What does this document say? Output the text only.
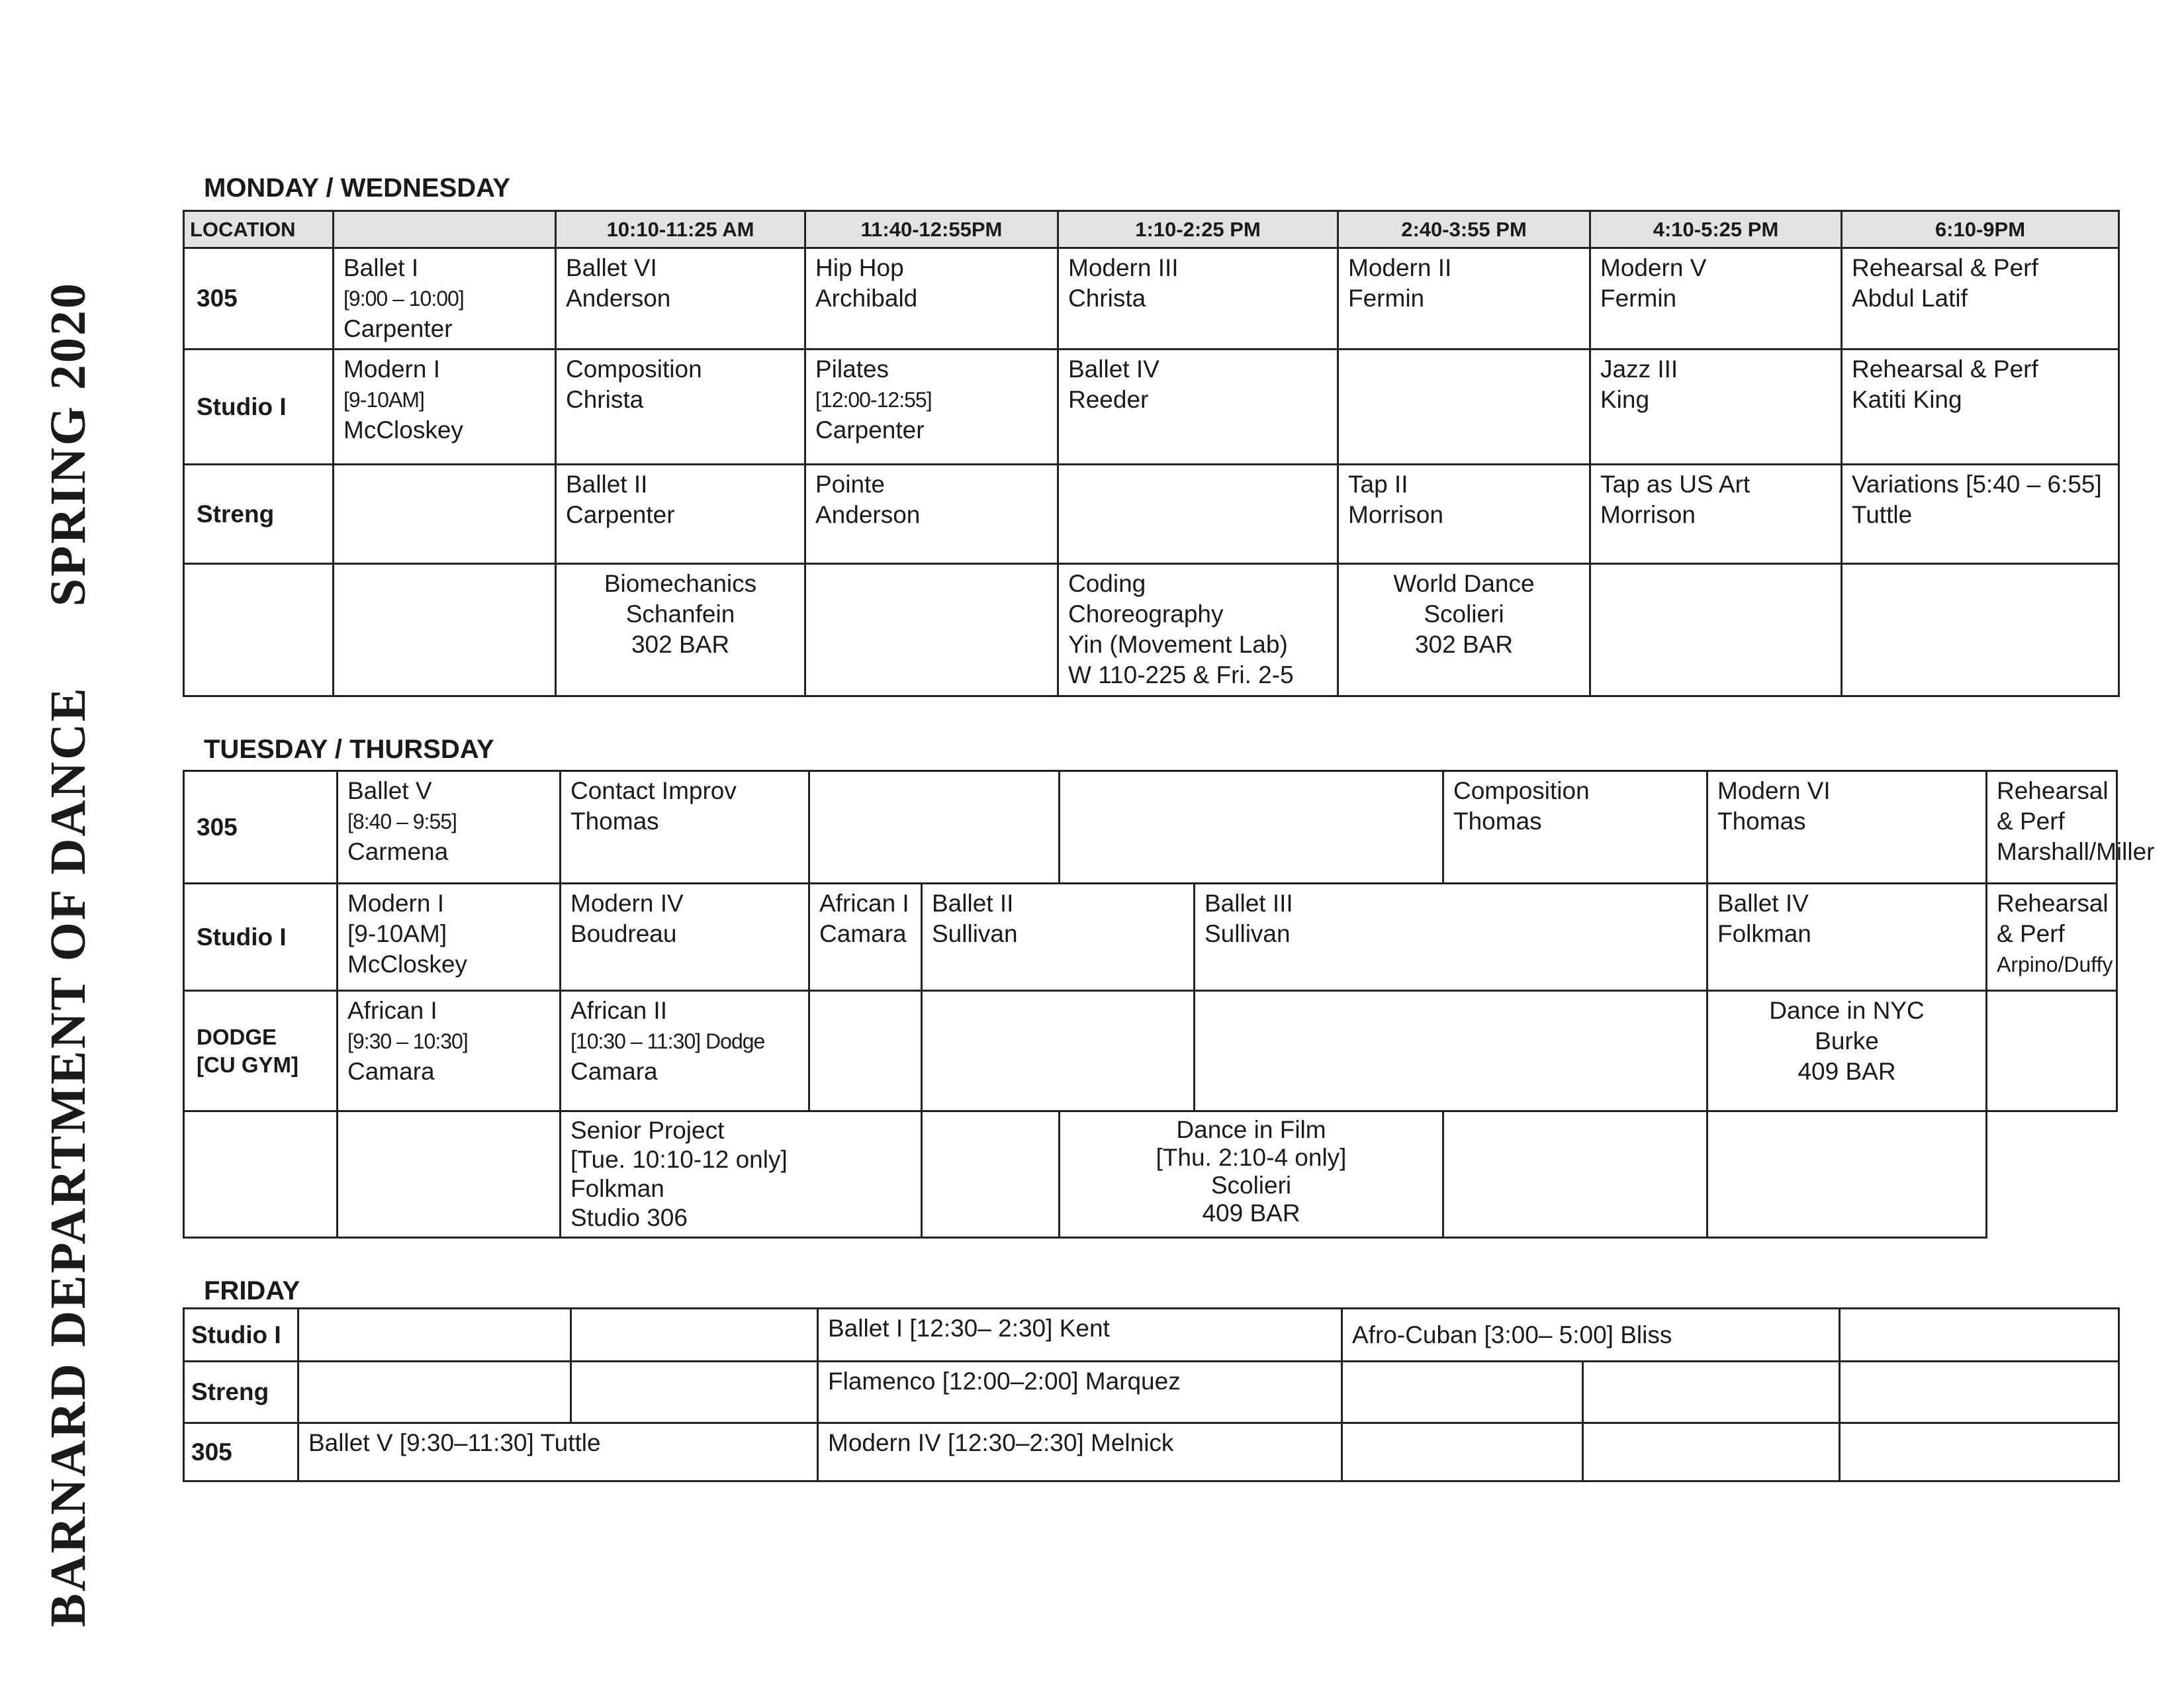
BARNARD DEPARTMENT OF DANCESPRING 2020
MONDAY / WEDNESDAY
LOCATION		10:10-11:25 AM	11:40-12:55PM	1:10-2:25 PM	2:40-3:55 PM	4:10-5:25 PM	6:10-9PM
305	Ballet I
[9:00 – 10:00]
Carpenter	Ballet VI
Anderson	Hip Hop
Archibald	Modern III
Christa	Modern II
Fermin	Modern V
Fermin	Rehearsal & Perf
Abdul Latif

Studio I	Modern I
[9-10AM]
McCloskey	Composition
Christa	Pilates
[12:00-12:55]
Carpenter	Ballet IV
Reeder		Jazz III
King	Rehearsal & Perf
Katiti King

Streng		Ballet II
Carpenter	Pointe
Anderson		Tap II
Morrison	Tap as US Art
Morrison	Variations [5:40 – 6:55]
Tuttle

		Biomechanics
Schanfein
302 BAR		Coding
Choreography
Yin (Movement Lab)
W 110-225 & Fri. 2-5	World Dance
Scolieri
302 BAR		

TUESDAY / THURSDAY
305	Ballet V
[8:40 – 9:55]
Carmena	Contact Improv
Thomas					Composition
Thomas	Modern VI
Thomas	Rehearsal & Perf
Marshall/Miller

Studio I	Modern I
[9-10AM]
McCloskey	Modern IV
Boudreau	African I
Camara	Ballet II
Sullivan		Ballet III
Sullivan		Ballet IV
Folkman	Rehearsal & Perf
Arpino/Duffy

DODGE
[CU GYM]	African I
[9:30 – 10:30]
Camara	African II
[10:30 – 11:30] Dodge
Camara						Dance in NYC
Burke
409 BAR	

		Senior Project
[Tue. 10:10-12 only]
Folkman
Studio 306			Dance in Film
[Thu. 2:10-4 only]
Scolieri
409 BAR				

FRIDAY
Studio I			Ballet I [12:30– 2:30] Kent	Afro-Cuban [3:00– 5:00] Bliss		
Streng			Flamenco [12:00–2:00] Marquez			
305	Ballet V [9:30–11:30] Tuttle		Modern IV [12:30–2:30] Melnick			
